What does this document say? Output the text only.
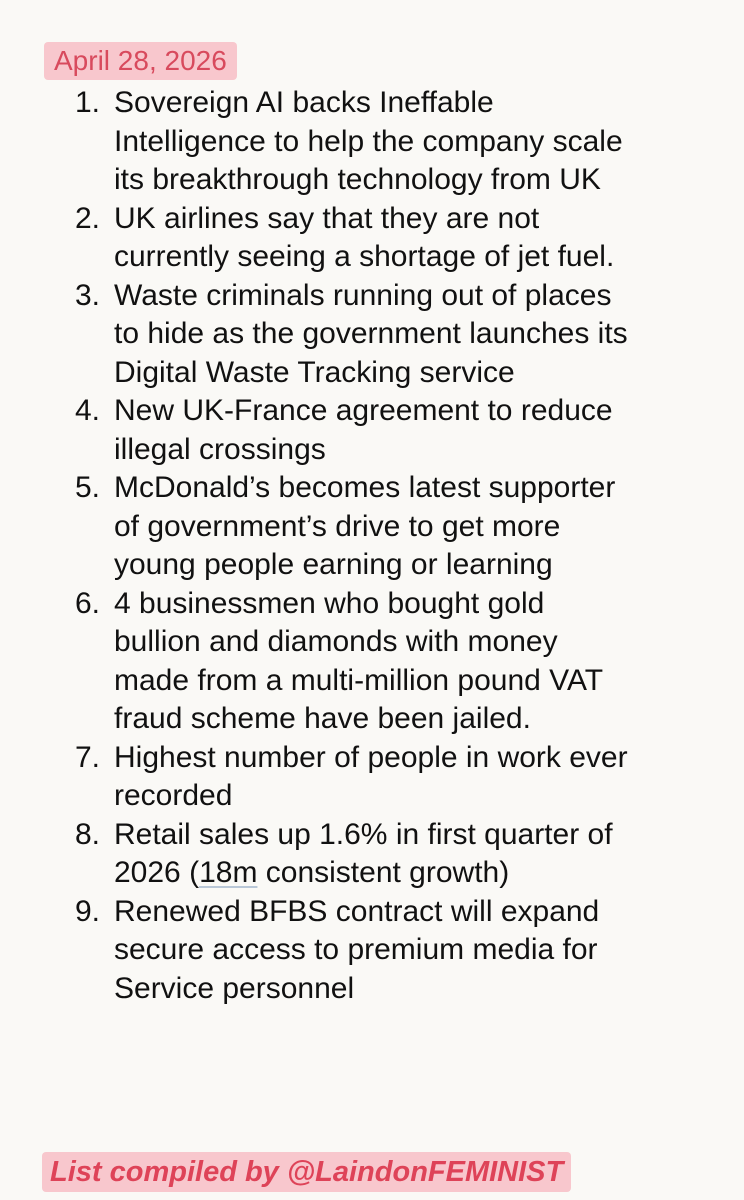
April 28, 2026
1. Sovereign AI backs Ineffable
Intelligence to help the company scale
its breakthrough technology from UK
2. UK airlines say that they are not
currently seeing a shortage of jet fuel.
3. Waste criminals running out of places
to hide as the government launches its
Digital Waste Tracking service
4. New UK-France agreement to reduce
illegal crossings
5. McDonald’s becomes latest supporter
of government’s drive to get more
young people earning or learning
6. 4 businessmen who bought gold
bullion and diamonds with money
made from a multi-million pound VAT
fraud scheme have been jailed.
7. Highest number of people in work ever
recorded
8. Retail sales up 1.6% in first quarter of
2026 (18m consistent growth)
9. Renewed BFBS contract will expand
secure access to premium media for
Service personnel
List compiled by @LaindonFEMINIST
